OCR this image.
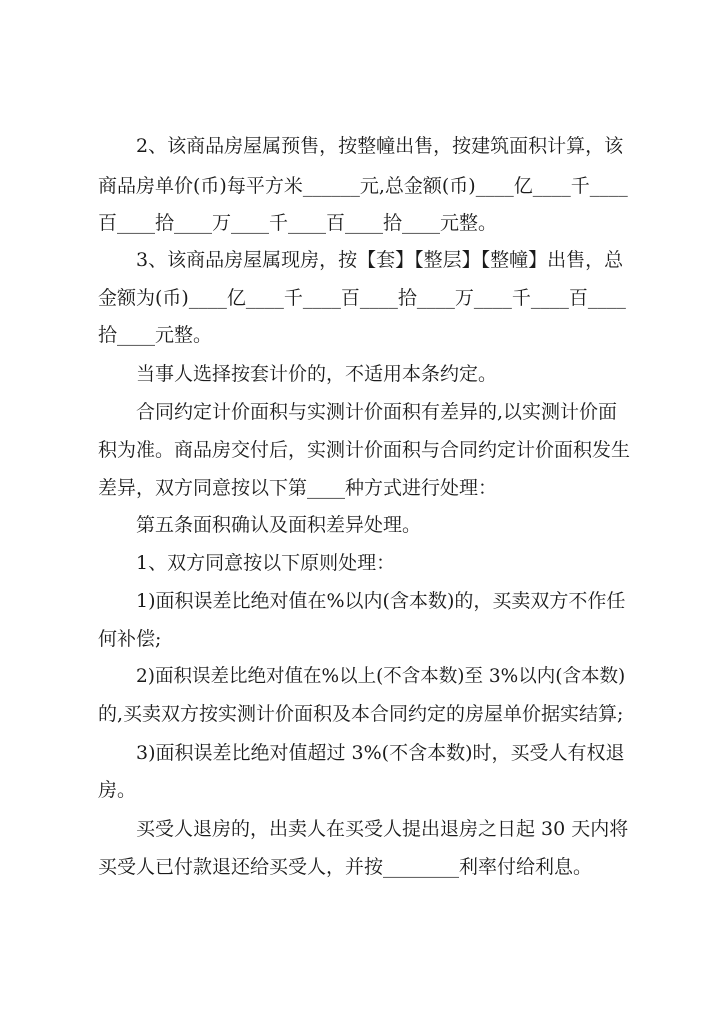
2、该商品房屋属预售，按整幢出售，按建筑面积计算，该
商品房单价(币)每平方米______元,总金额(币)____亿____千____
百____拾____万____千____百____拾____元整。
3、该商品房屋属现房，按【套】【整层】【整幢】出售，总
金额为(币)____亿____千____百____拾____万____千____百____
拾____元整。
当事人选择按套计价的，不适用本条约定。
合同约定计价面积与实测计价面积有差异的,以实测计价面
积为准。商品房交付后，实测计价面积与合同约定计价面积发生
差异，双方同意按以下第____种方式进行处理：
第五条面积确认及面积差异处理。
1、双方同意按以下原则处理：
1)面积误差比绝对值在%以内(含本数)的，买卖双方不作任
何补偿;
2)面积误差比绝对值在%以上(不含本数)至 3%以内(含本数)
的,买卖双方按实测计价面积及本合同约定的房屋单价据实结算;
3)面积误差比绝对值超过 3%(不含本数)时，买受人有权退
房。
买受人退房的，出卖人在买受人提出退房之日起 30 天内将
买受人已付款退还给买受人，并按________利率付给利息。
